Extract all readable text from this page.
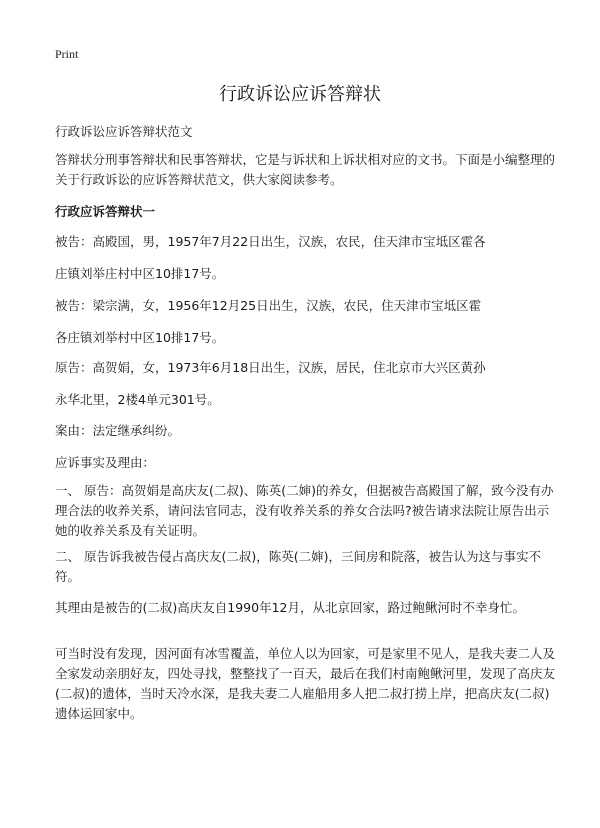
Print
行政诉讼应诉答辩状
行政诉讼应诉答辩状范文
答辩状分刑事答辩状和民事答辩状，它是与诉状和上诉状相对应的文书。下面是小编整理的关于行政诉讼的应诉答辩状范文，供大家阅读参考。
行政应诉答辩状一
被告：高殿国，男，1957年7月22日出生，汉族，农民，住天津市宝坻区霍各
庄镇刘举庄村中区10排17号。
被告：梁宗满，女，1956年12月25日出生，汉族，农民，住天津市宝坻区霍
各庄镇刘举村中区10排17号。
原告：高贺娟，女，1973年6月18日出生，汉族，居民，住北京市大兴区黄孙
永华北里，2楼4单元301号。
案由：法定继承纠纷。
应诉事实及理由：
一、 原告：高贺娟是高庆友(二叔)、陈英(二婶)的养女，但据被告高殿国了解，致今没有办理合法的收养关系，请问法官同志，没有收养关系的养女合法吗?被告请求法院让原告出示她的收养关系及有关证明。
二、 原告诉我被告侵占高庆友(二叔)，陈英(二婶)，三间房和院落，被告认为这与事实不符。
其理由是被告的(二叔)高庆友自1990年12月，从北京回家，路过鲍鳅河时不幸身忙。
可当时没有发现，因河面有冰雪覆盖，单位人以为回家，可是家里不见人，是我夫妻二人及全家发动亲朋好友，四处寻找，整整找了一百天，最后在我们村南鲍鳅河里，发现了高庆友(二叔)的遗体，当时天冷水深，是我夫妻二人雇船用多人把二叔打捞上岸，把高庆友(二叔)遗体运回家中。
